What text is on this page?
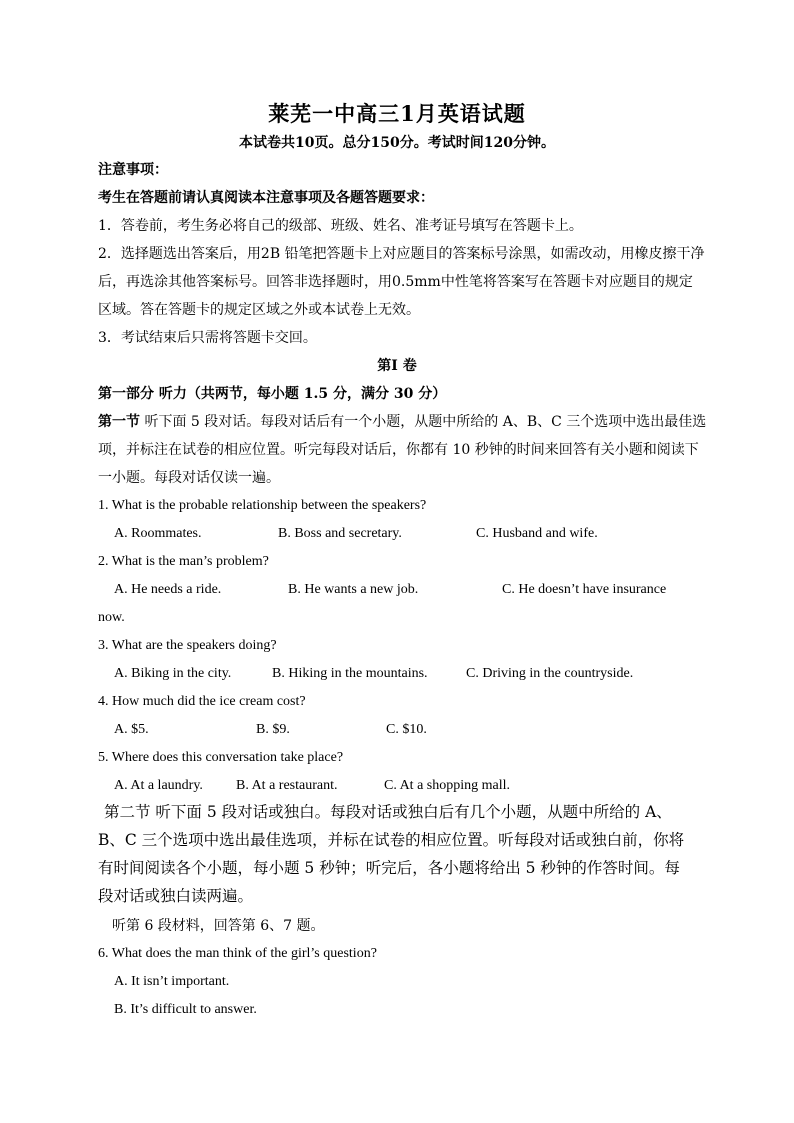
莱芜一中高三1月英语试题
本试卷共10页。总分150分。考试时间120分钟。
注意事项：
考生在答题前请认真阅读本注意事项及各题答题要求：
1．答卷前，考生务必将自己的级部、班级、姓名、准考证号填写在答题卡上。
2．选择题选出答案后，用2B 铅笔把答题卡上对应题目的答案标号涂黑，如需改动，用橡皮擦干净
后，再选涂其他答案标号。回答非选择题时，用0.5mm中性笔将答案写在答题卡对应题目的规定
区域。答在答题卡的规定区域之外或本试卷上无效。
3．考试结束后只需将答题卡交回。
第I 卷
第一部分 听力（共两节，每小题 1.5 分，满分 30 分）
第一节 听下面 5 段对话。每段对话后有一个小题，从题中所给的 A、B、C 三个选项中选出最佳选
项，并标注在试卷的相应位置。听完每段对话后，你都有 10 秒钟的时间来回答有关小题和阅读下
一小题。每段对话仅读一遍。
1. What is the probable relationship between the speakers?
A. Roommates.	B. Boss and secretary.	C. Husband and wife.
2. What is the man’s problem?
A. He needs a ride.	B. He wants a new job.	C. He doesn’t have insurance
now.
3. What are the speakers doing?
A. Biking in the city.	B. Hiking in the mountains.	C. Driving in the countryside.
4. How much did the ice cream cost?
A. $5.	B. $9.	C. $10.
5. Where does this conversation take place?
A. At a laundry. B. At a restaurant.	C. At a shopping mall.
第二节 听下面 5 段对话或独白。每段对话或独白后有几个小题，从题中所给的 A、
B、C 三个选项中选出最佳选项，并标在试卷的相应位置。听每段对话或独白前，你将
有时间阅读各个小题，每小题 5 秒钟；听完后，各小题将给出 5 秒钟的作答时间。每
段对话或独白读两遍。
听第 6 段材料，回答第 6、7 题。
6. What does the man think of the girl’s question?
A. It isn’t important.
B. It’s difficult to answer.
